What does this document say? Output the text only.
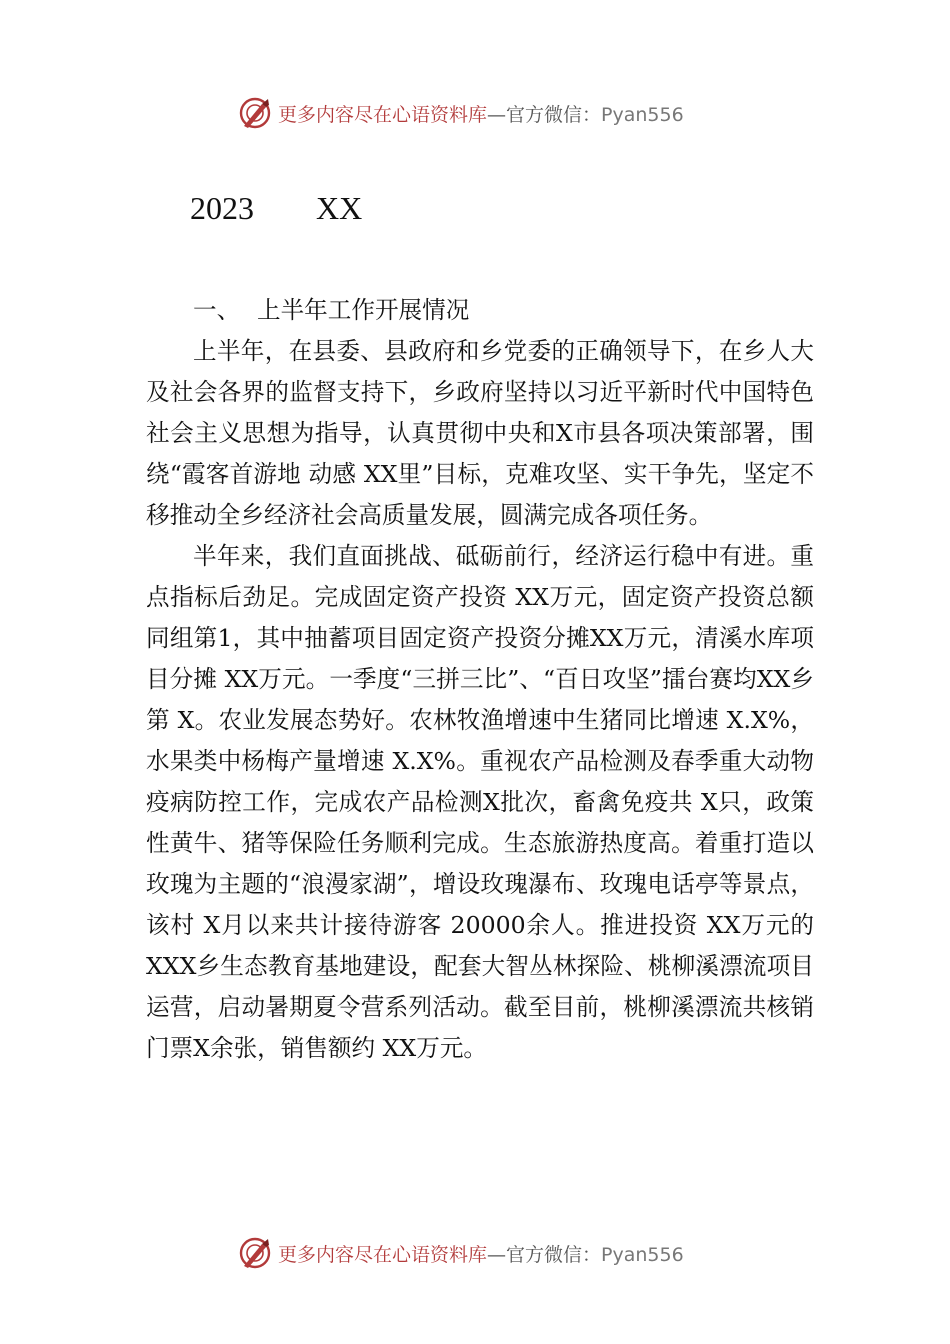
更多内容尽在心语资料库—官方微信：Pyan556
2023 XX

一、 上半年工作开展情况

上半年，在县委、县政府和乡党委的正确领导下，在乡人大及社会各界的监督支持下，乡政府坚持以习近平新时代中国特色社会主义思想为指导，认真贯彻中央和X市县各项决策部署，围绕“霞客首游地 动感 XX里”目标，克难攻坚、实干争先，坚定不移推动全乡经济社会高质量发展，圆满完成各项任务。

半年来，我们直面挑战、砥砺前行，经济运行稳中有进。重点指标后劲足。完成固定资产投资 XX万元，固定资产投资总额同组第1，其中抽蓄项目固定资产投资分摊XX万元，清溪水库项目分摊 XX万元。一季度“三拼三比”、“百日攻坚”擂台赛均XX乡第 X。农业发展态势好。农林牧渔增速中生猪同比增速 X.X%，水果类中杨梅产量增速 X.X%。重视农产品检测及春季重大动物疫病防控工作，完成农产品检测X批次，畜禽免疫共 X只，政策性黄牛、猪等保险任务顺利完成。生态旅游热度高。着重打造以玫瑰为主题的“浪漫家湖”，增设玫瑰瀑布、玫瑰电话亭等景点，该村 X月以来共计接待游客 20000余人。推进投资 XX万元的 XXX乡生态教育基地建设，配套大智丛林探险、桃柳溪漂流项目运营，启动暑期夏令营系列活动。截至目前，桃柳溪漂流共核销门票X余张，销售额约 XX万元。

更多内容尽在心语资料库—官方微信：Pyan556
